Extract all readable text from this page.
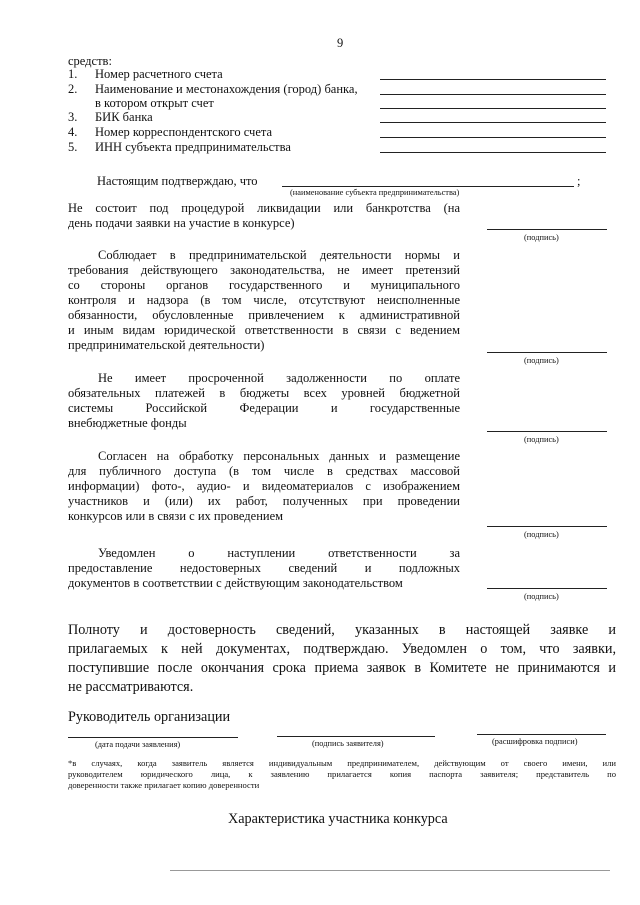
9
средств:
1. Номер расчетного счета
2. Наименование и местонахождения (город) банка,
в котором открыт счет
3. БИК банка
4. Номер корреспондентского счета
5. ИНН субъекта предпринимательства
Настоящим подтверждаю, что	;
(наименование субъекта предпринимательства)
Не состоит под процедурой ликвидации или банкротства (на
день подачи заявки на участие в конкурсе)
(подпись)
Соблюдает в предпринимательской деятельности нормы и
требования действующего законодательства, не имеет претензий
со стороны органов государственного и муниципального
контроля и надзора (в том числе, отсутствуют неисполненные
обязанности, обусловленные привлечением к административной
и иным видам юридической ответственности в связи с ведением
предпринимательской деятельности)
(подпись)
Не имеет просроченной задолженности по оплате
обязательных платежей в бюджеты всех уровней бюджетной
системы Российской Федерации и государственные
внебюджетные фонды
(подпись)
Согласен на обработку персональных данных и размещение
для публичного доступа (в том числе в средствах массовой
информации) фото-, аудио- и видеоматериалов с изображением
участников и (или) их работ, полученных при проведении
конкурсов или в связи с их проведением
(подпись)
Уведомлен о наступлении ответственности за
предоставление недостоверных сведений и подложных
документов в соответствии с действующим законодательством
(подпись)
Полноту и достоверность сведений, указанных в настоящей заявке и
прилагаемых к ней документах, подтверждаю. Уведомлен о том, что заявки,
поступившие после окончания срока приема заявок в Комитете не принимаются и
не рассматриваются.
Руководитель организации
(дата подачи заявления)	(подпись заявителя)	(расшифровка подписи)
*в случаях, когда заявитель является индивидуальным предпринимателем, действующим от своего имени, или
руководителем юридического лица, к заявлению прилагается копия паспорта заявителя; представитель по
доверенности также прилагает копию доверенности
Характеристика участника конкурса
